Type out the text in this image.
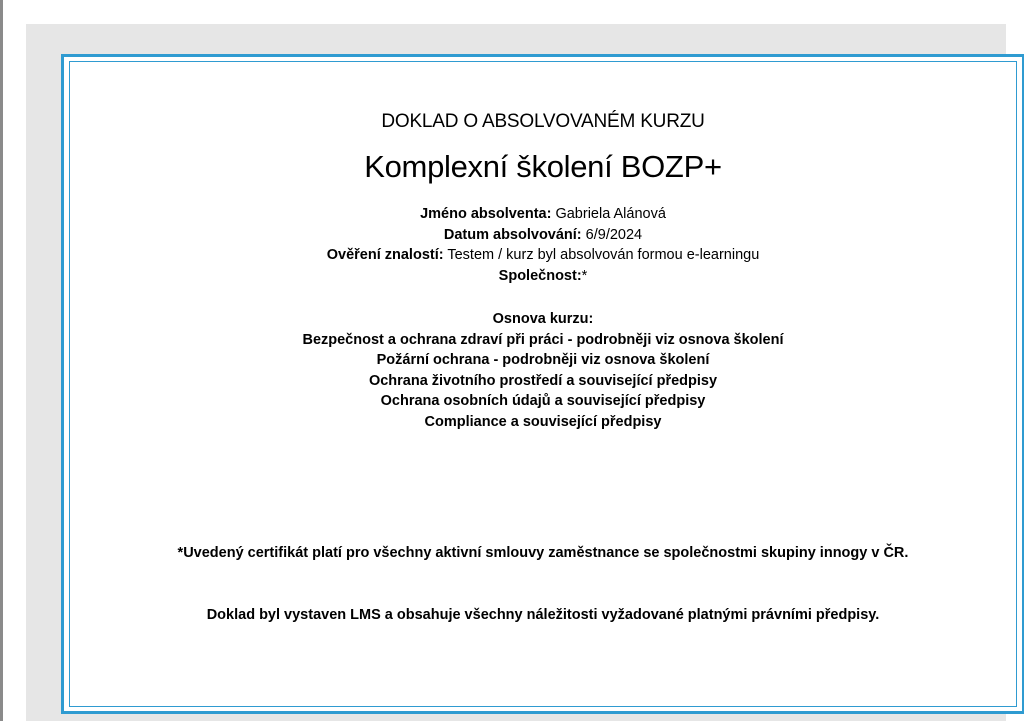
DOKLAD O ABSOLVOVANÉM KURZU
Komplexní školení BOZP+
Jméno absolventa: Gabriela Alánová
Datum absolvování: 6/9/2024
Ověření znalostí: Testem / kurz byl absolvován formou e-learningu
Společnost:*
Osnova kurzu:
Bezpečnost a ochrana zdraví při práci - podrobněji viz osnova školení
Požární ochrana - podrobněji viz osnova školení
Ochrana životního prostředí a související předpisy
Ochrana osobních údajů a související předpisy
Compliance a související předpisy
*Uvedený certifikát platí pro všechny aktivní smlouvy zaměstnance se společnostmi skupiny innogy v ČR.
Doklad byl vystaven LMS a obsahuje všechny náležitosti vyžadované platnými právními předpisy.
